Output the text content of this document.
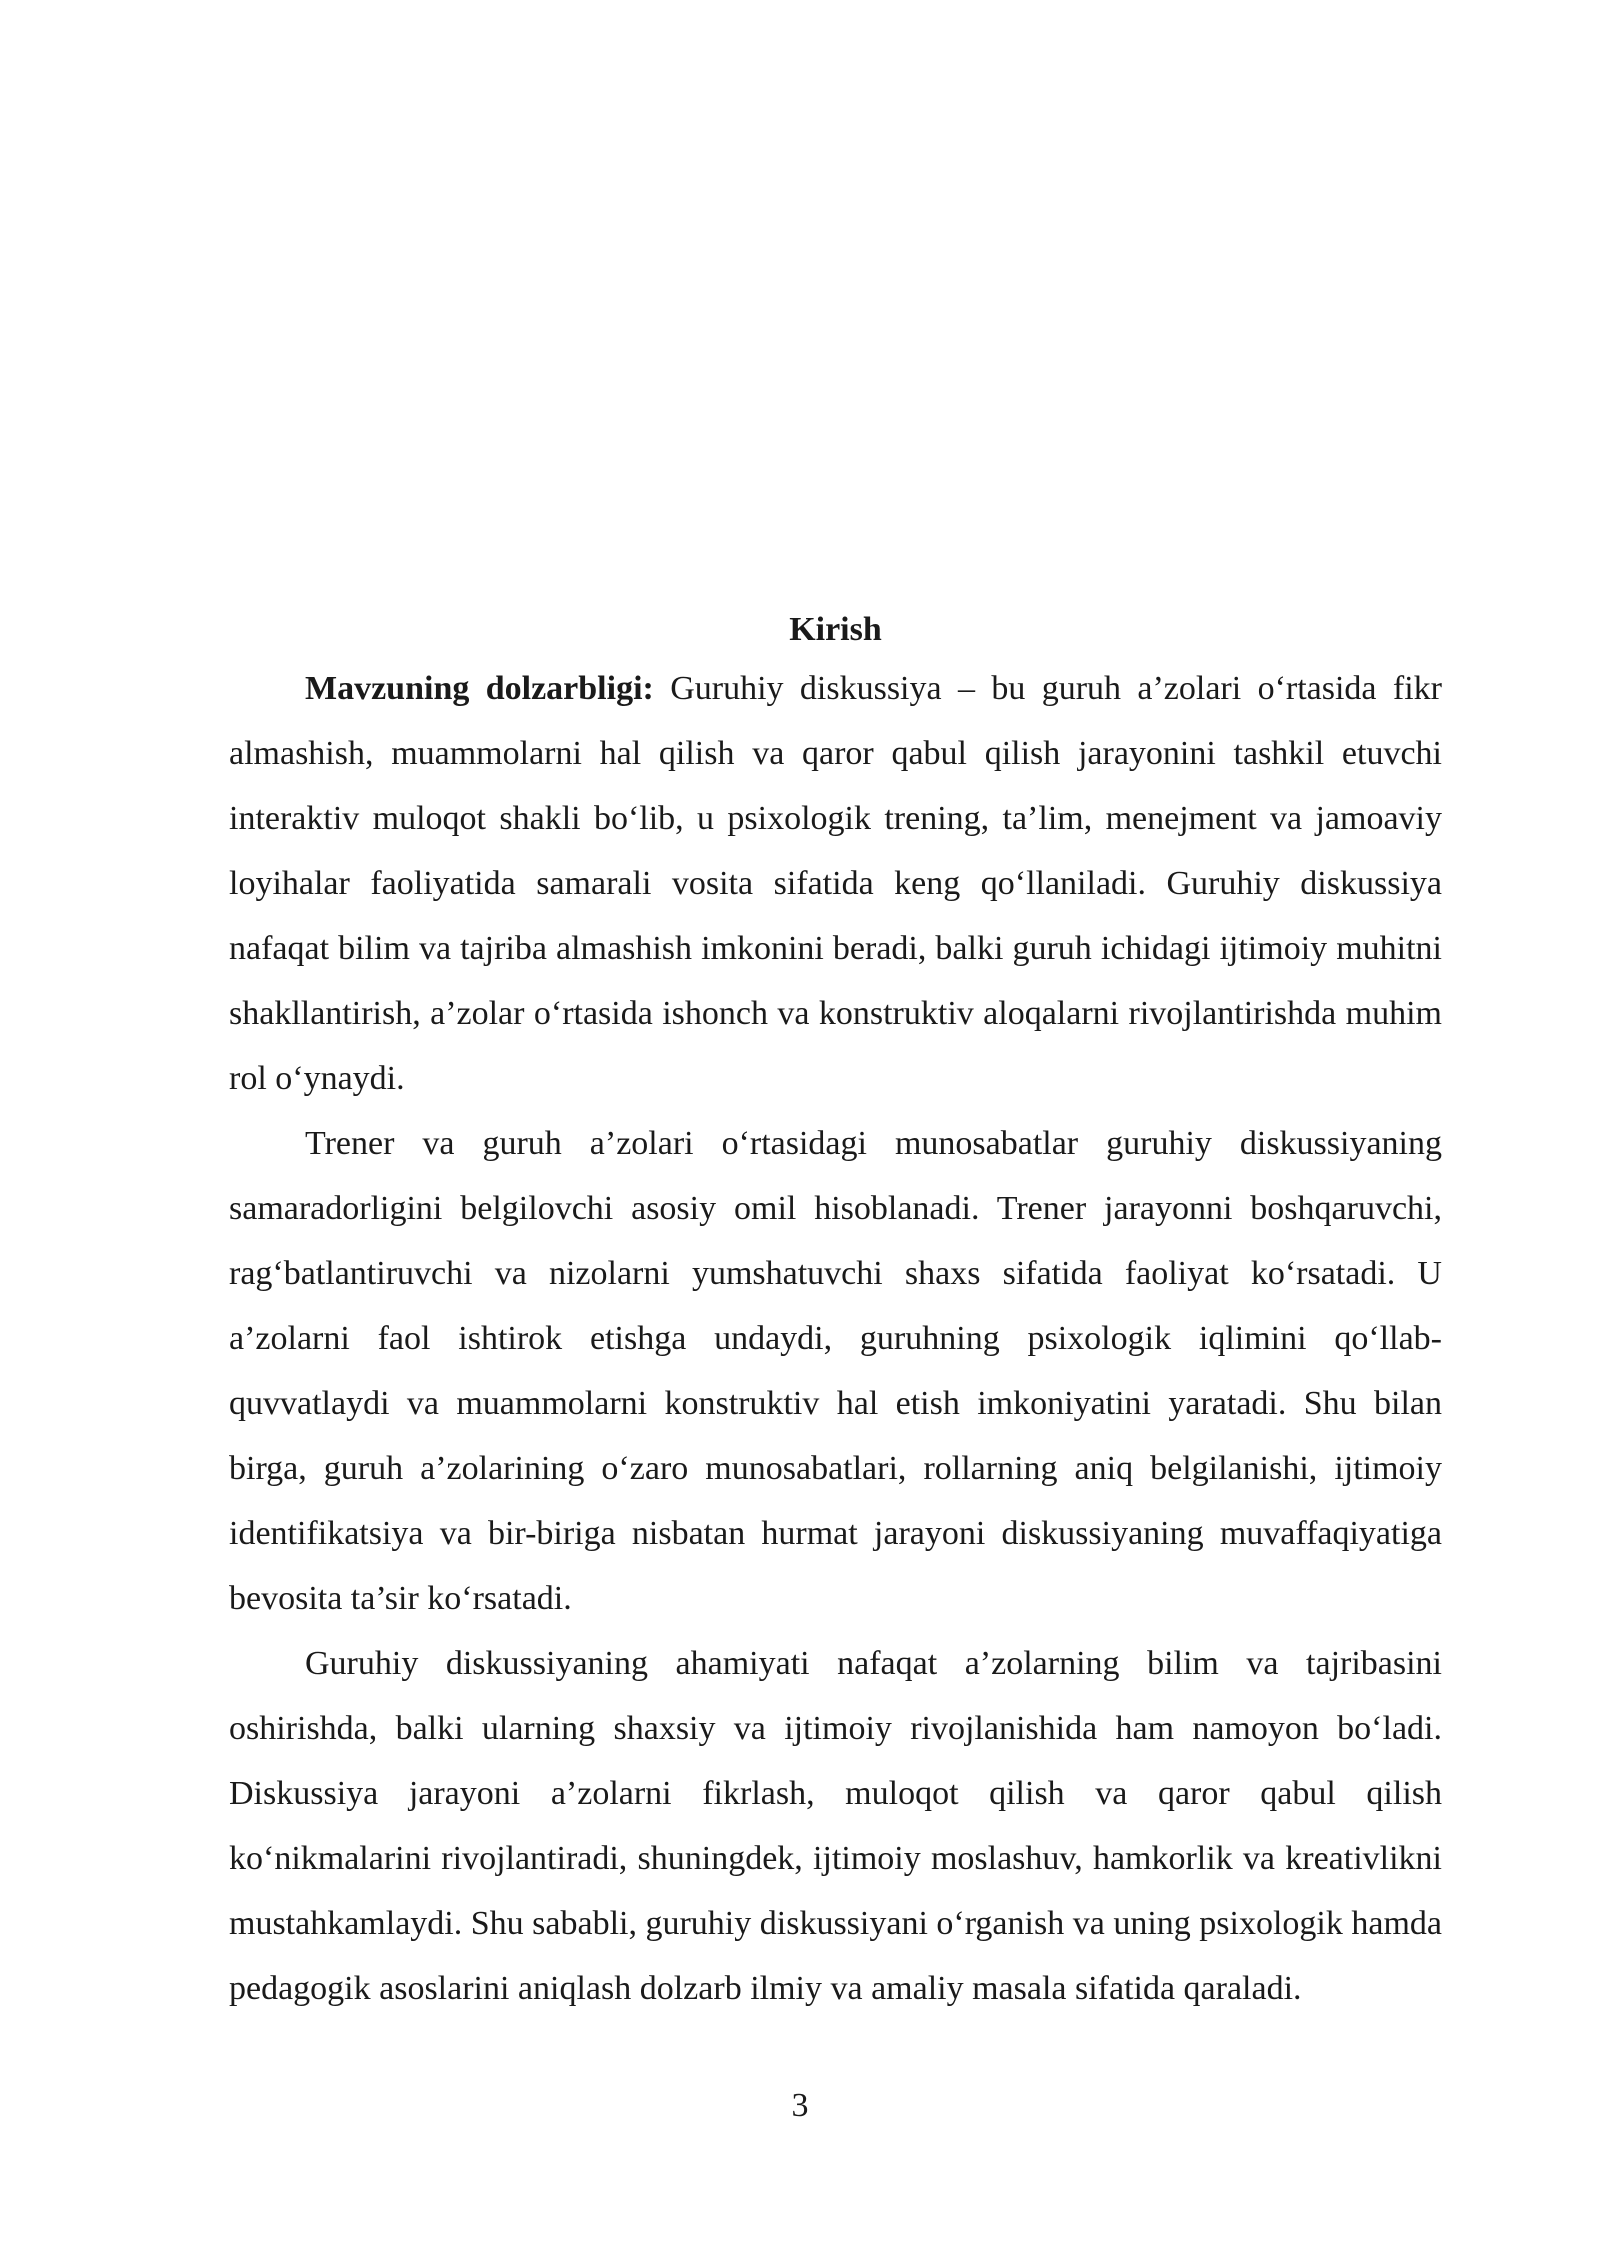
Kirish

Mavzuning dolzarbligi: Guruhiy diskussiya – bu guruh a’zolari o‘rtasida fikr almashish, muammolarni hal qilish va qaror qabul qilish jarayonini tashkil etuvchi interaktiv muloqot shakli bo‘lib, u psixologik trening, ta’lim, menejment va jamoaviy loyihalar faoliyatida samarali vosita sifatida keng qo‘llaniladi. Guruhiy diskussiya nafaqat bilim va tajriba almashish imkonini beradi, balki guruh ichidagi ijtimoiy muhitni shakllantirish, a’zolar o‘rtasida ishonch va konstruktiv aloqalarni rivojlantirishda muhim rol o‘ynaydi.

Trener va guruh a’zolari o‘rtasidagi munosabatlar guruhiy diskussiyaning samaradorligini belgilovchi asosiy omil hisoblanadi. Trener jarayonni boshqaruvchi, rag‘batlantiruvchi va nizolarni yumshatuvchi shaxs sifatida faoliyat ko‘rsatadi. U a’zolarni faol ishtirok etishga undaydi, guruhning psixologik iqlimini qo‘llab-quvvatlaydi va muammolarni konstruktiv hal etish imkoniyatini yaratadi. Shu bilan birga, guruh a’zolarining o‘zaro munosabatlari, rollarning aniq belgilanishi, ijtimoiy identifikatsiya va bir-biriga nisbatan hurmat jarayoni diskussiyaning muvaffaqiyatiga bevosita ta’sir ko‘rsatadi.

Guruhiy diskussiyaning ahamiyati nafaqat a’zolarning bilim va tajribasini oshirishda, balki ularning shaxsiy va ijtimoiy rivojlanishida ham namoyon bo‘ladi. Diskussiya jarayoni a’zolarni fikrlash, muloqot qilish va qaror qabul qilish ko‘nikmalarini rivojlantiradi, shuningdek, ijtimoiy moslashuv, hamkorlik va kreativlikni mustahkamlaydi. Shu sababli, guruhiy diskussiyani o‘rganish va uning psixologik hamda pedagogik asoslarini aniqlash dolzarb ilmiy va amaliy masala sifatida qaraladi.

3
